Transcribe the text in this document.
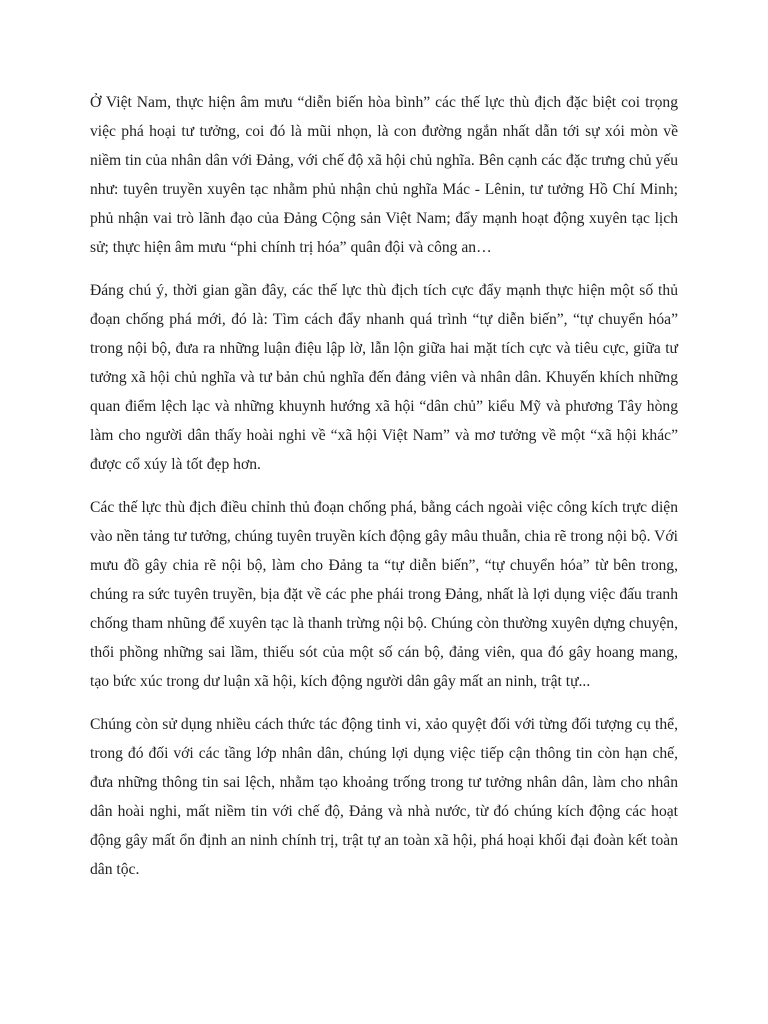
Ở Việt Nam, thực hiện âm mưu “diễn biến hòa bình” các thế lực thù địch đặc biệt coi trọng việc phá hoại tư tưởng, coi đó là mũi nhọn, là con đường ngắn nhất dẫn tới sự xói mòn về niềm tin của nhân dân với Đảng, với chế độ xã hội chủ nghĩa. Bên cạnh các đặc trưng chủ yếu như: tuyên truyền xuyên tạc nhằm phủ nhận chủ nghĩa Mác - Lênin, tư tưởng Hồ Chí Minh; phủ nhận vai trò lãnh đạo của Đảng Cộng sản Việt Nam; đẩy mạnh hoạt động xuyên tạc lịch sử; thực hiện âm mưu “phi chính trị hóa” quân đội và công an…

Đáng chú ý, thời gian gần đây, các thế lực thù địch tích cực đẩy mạnh thực hiện một số thủ đoạn chống phá mới, đó là: Tìm cách đẩy nhanh quá trình “tự diễn biến”, “tự chuyển hóa” trong nội bộ, đưa ra những luận điệu lập lờ, lẫn lộn giữa hai mặt tích cực và tiêu cực, giữa tư tưởng xã hội chủ nghĩa và tư bản chủ nghĩa đến đảng viên và nhân dân. Khuyến khích những quan điểm lệch lạc và những khuynh hướng xã hội “dân chủ” kiểu Mỹ và phương Tây hòng làm cho người dân thấy hoài nghi về “xã hội Việt Nam” và mơ tưởng về một “xã hội khác” được cổ xúy là tốt đẹp hơn.

Các thế lực thù địch điều chỉnh thủ đoạn chống phá, bằng cách ngoài việc công kích trực diện vào nền tảng tư tưởng, chúng tuyên truyền kích động gây mâu thuẫn, chia rẽ trong nội bộ. Với mưu đồ gây chia rẽ nội bộ, làm cho Đảng ta “tự diễn biến”, “tự chuyển hóa” từ bên trong, chúng ra sức tuyên truyền, bịa đặt về các phe phái trong Đảng, nhất là lợi dụng việc đấu tranh chống tham nhũng để xuyên tạc là thanh trừng nội bộ. Chúng còn thường xuyên dựng chuyện, thổi phồng những sai lầm, thiếu sót của một số cán bộ, đảng viên, qua đó gây hoang mang, tạo bức xúc trong dư luận xã hội, kích động người dân gây mất an ninh, trật tự...

Chúng còn sử dụng nhiều cách thức tác động tinh vi, xảo quyệt đối với từng đối tượng cụ thể, trong đó đối với các tầng lớp nhân dân, chúng lợi dụng việc tiếp cận thông tin còn hạn chế, đưa những thông tin sai lệch, nhằm tạo khoảng trống trong tư tưởng nhân dân, làm cho nhân dân hoài nghi, mất niềm tin với chế độ, Đảng và nhà nước, từ đó chúng kích động các hoạt động gây mất ổn định an ninh chính trị, trật tự an toàn xã hội, phá hoại khối đại đoàn kết toàn dân tộc.
